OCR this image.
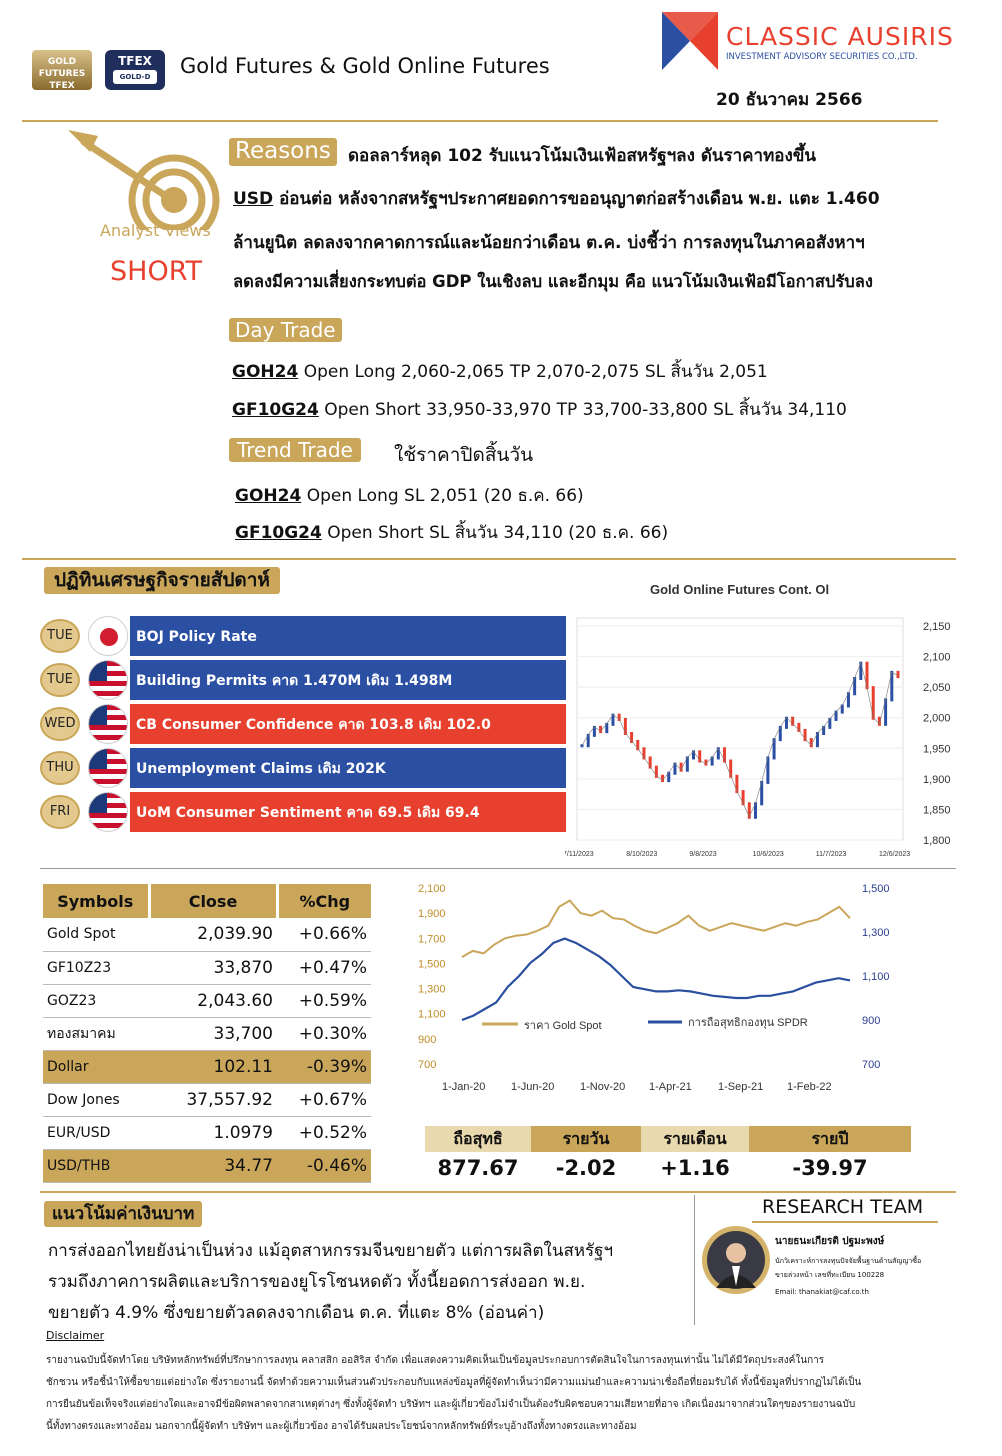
GOLD FUTURES TFEX
TFEX
GOLD-D	Gold Futures & Gold Online Futures
CLASSIC AUSIRIS
INVESTMENT ADVISORY SECURITIES CO.,LTD.
20 ธันวาคม 2566
Analyst Views
SHORT
Reasons	ดอลลาร์หลุด 102 รับแนวโน้มเงินเฟ้อสหรัฐฯลง ดันราคาทองขึ้น
USD อ่อนต่อ หลังจากสหรัฐฯประกาศยอดการขออนุญาตก่อสร้างเดือน พ.ย. แตะ 1.460
ล้านยูนิต ลดลงจากคาดการณ์และน้อยกว่าเดือน ต.ค. บ่งชี้ว่า การลงทุนในภาคอสังหาฯ
ลดลงมีความเสี่ยงกระทบต่อ GDP ในเชิงลบ และอีกมุม คือ แนวโน้มเงินเฟ้อมีโอกาสปรับลง
Day Trade
GOH24 Open Long 2,060-2,065 TP 2,070-2,075 SL สิ้นวัน 2,051
GF10G24 Open Short 33,950-33,970 TP 33,700-33,800 SL สิ้นวัน 34,110
Trend Trade	ใช้ราคาปิดสิ้นวัน
GOH24 Open Long SL 2,051 (20 ธ.ค. 66)
GF10G24 Open Short SL สิ้นวัน 34,110 (20 ธ.ค. 66)
ปฏิทินเศรษฐกิจรายสัปดาห์
TUE	BOJ Policy Rate
TUE	Building Permits คาด 1.470M เดิม 1.498M
WED	CB Consumer Confidence คาด 103.8 เดิม 102.0
THU	Unemployment Claims เดิม 202K
FRI	UoM Consumer Sentiment คาด 69.5 เดิม 69.4
Gold Online Futures Cont. Ol
2,150
2,100
2,050
2,000
1,950
1,900
1,850
1,800
7/11/2023	8/10/2023	9/8/2023	10/6/2023	11/7/2023	12/6/2023
Symbols	Close	%Chg
Gold Spot	2,039.90	+0.66%
GF10Z23	33,870	+0.47%
GOZ23	2,043.60	+0.59%
ทองสมาคม	33,700	+0.30%
Dollar	102.11	-0.39%
Dow Jones	37,557.92	+0.67%
EUR/USD	1.0979	+0.52%
USD/THB	34.77	-0.46%
2,100
1,900
1,700
1,500
1,300
1,100
900
700
1,500
1,300
1,100
900
700
1-Jan-20 1-Jun-20 1-Nov-20 1-Apr-21 1-Sep-21 1-Feb-22
ราคา Gold Spot	การถือสุทธิกองทุน SPDR
ถือสุทธิ	รายวัน	รายเดือน	รายปี
877.67	-2.02	+1.16	-39.97
แนวโน้มค่าเงินบาท
การส่งออกไทยยังน่าเป็นห่วง แม้อุตสาหกรรมจีนขยายตัว แต่การผลิตในสหรัฐฯ
รวมถึงภาคการผลิตและบริการของยูโรโซนหดตัว ทั้งนี้ยอดการส่งออก พ.ย.
ขยายตัว 4.9% ซึ่งขยายตัวลดลงจากเดือน ต.ค. ที่แตะ 8% (อ่อนค่า)
RESEARCH TEAM
นายธนะเกียรติ ปฐมะพงษ์
นักวิเคราะห์การลงทุนปัจจัยพื้นฐานด้านสัญญาซื้อ
ขายล่วงหน้า เลขที่ทะเบียน 100228
Email: thanakiat@caf.co.th
Disclaimer
รายงานฉบับนี้จัดทำโดย บริษัทหลักทรัพย์ที่ปรึกษาการลงทุน คลาสสิก ออสิริส จำกัด เพื่อแสดงความคิดเห็นเป็นข้อมูลประกอบการตัดสินใจในการลงทุนเท่านั้น ไม่ได้มีวัตถุประสงค์ในการ
ชักชวน หรือชี้นำให้ซื้อขายแต่อย่างใด ซึ่งรายงานนี้ จัดทำด้วยความเห็นส่วนตัวประกอบกับแหล่งข้อมูลที่ผู้จัดทำเห็นว่ามีความแม่นยำและความน่าเชื่อถือที่ยอมรับได้ ทั้งนี้ข้อมูลที่ปรากฏไม่ได้เป็น
การยืนยันข้อเท็จจริงแต่อย่างใดและอาจมีข้อผิดพลาดจากสาเหตุต่างๆ ซึ่งทั้งผู้จัดทำ บริษัทฯ และผู้เกี่ยวข้องไม่จำเป็นต้องรับผิดชอบความเสียหายที่อาจ เกิดเนื่องมาจากส่วนใดๆของรายงานฉบับ
นี้ทั้งทางตรงและทางอ้อม นอกจากนี้ผู้จัดทำ บริษัทฯ และผู้เกี่ยวข้อง อาจได้รับผลประโยชน์จากหลักทรัพย์ที่ระบุอ้างถึงทั้งทางตรงและทางอ้อม
